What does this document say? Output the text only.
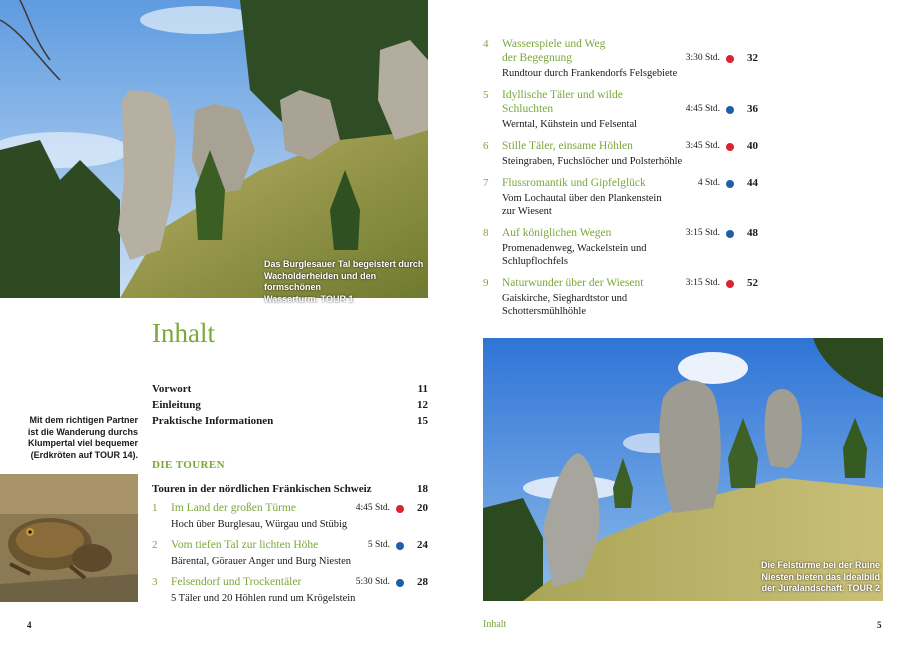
Das Burglesauer Tal begeistert durch
Wacholderheiden und den formschönen
Wasserturm. TOUR 1
Mit dem richtigen Partner
ist die Wanderung durchs
Klumpertal viel bequemer
(Erdkröten auf TOUR 14).
Inhalt
Vorwort	11
Einleitung	12
Praktische Informationen	15
DIE TOUREN
Touren in der nördlichen Fränkischen Schweiz	18
1 Im Land der großen Türme
Hoch über Burglesau, Würgau und Stübig
4:45 Std.	20
2 Vom tiefen Tal zur lichten Höhe
Bärental, Görauer Anger und Burg Niesten
5 Std.	24
3 Felsendorf und Trockentäler
5 Täler und 20 Höhlen rund um Krögelstein
5:30 Std.	28
4
4 Wasserspiele und Weg
der Begegnung
Rundtour durch Frankendorfs Felsgebiete
3:30 Std.	32
5 Idyllische Täler und wilde
Schluchten
Werntal, Kühstein und Felsental
4:45 Std.	36
6 Stille Täler, einsame Höhlen
Steingraben, Fuchslöcher und Polsterhöhle
3:45 Std.	40
7 Flussromantik und Gipfelglück
Vom Lochautal über den Plankenstein
zur Wiesent
4 Std.	44
8 Auf königlichen Wegen
Promenadenweg, Wackelstein und
Schlupflochfels
3:15 Std.	48
9 Naturwunder über der Wiesent
Gaiskirche, Sieghardtstor und
Schottersmühlhöhle
3:15 Std.	52
Die Felstürme bei der Ruine
Niesten bieten das Idealbild
der Juralandschaft. TOUR 2
Inhalt	5
